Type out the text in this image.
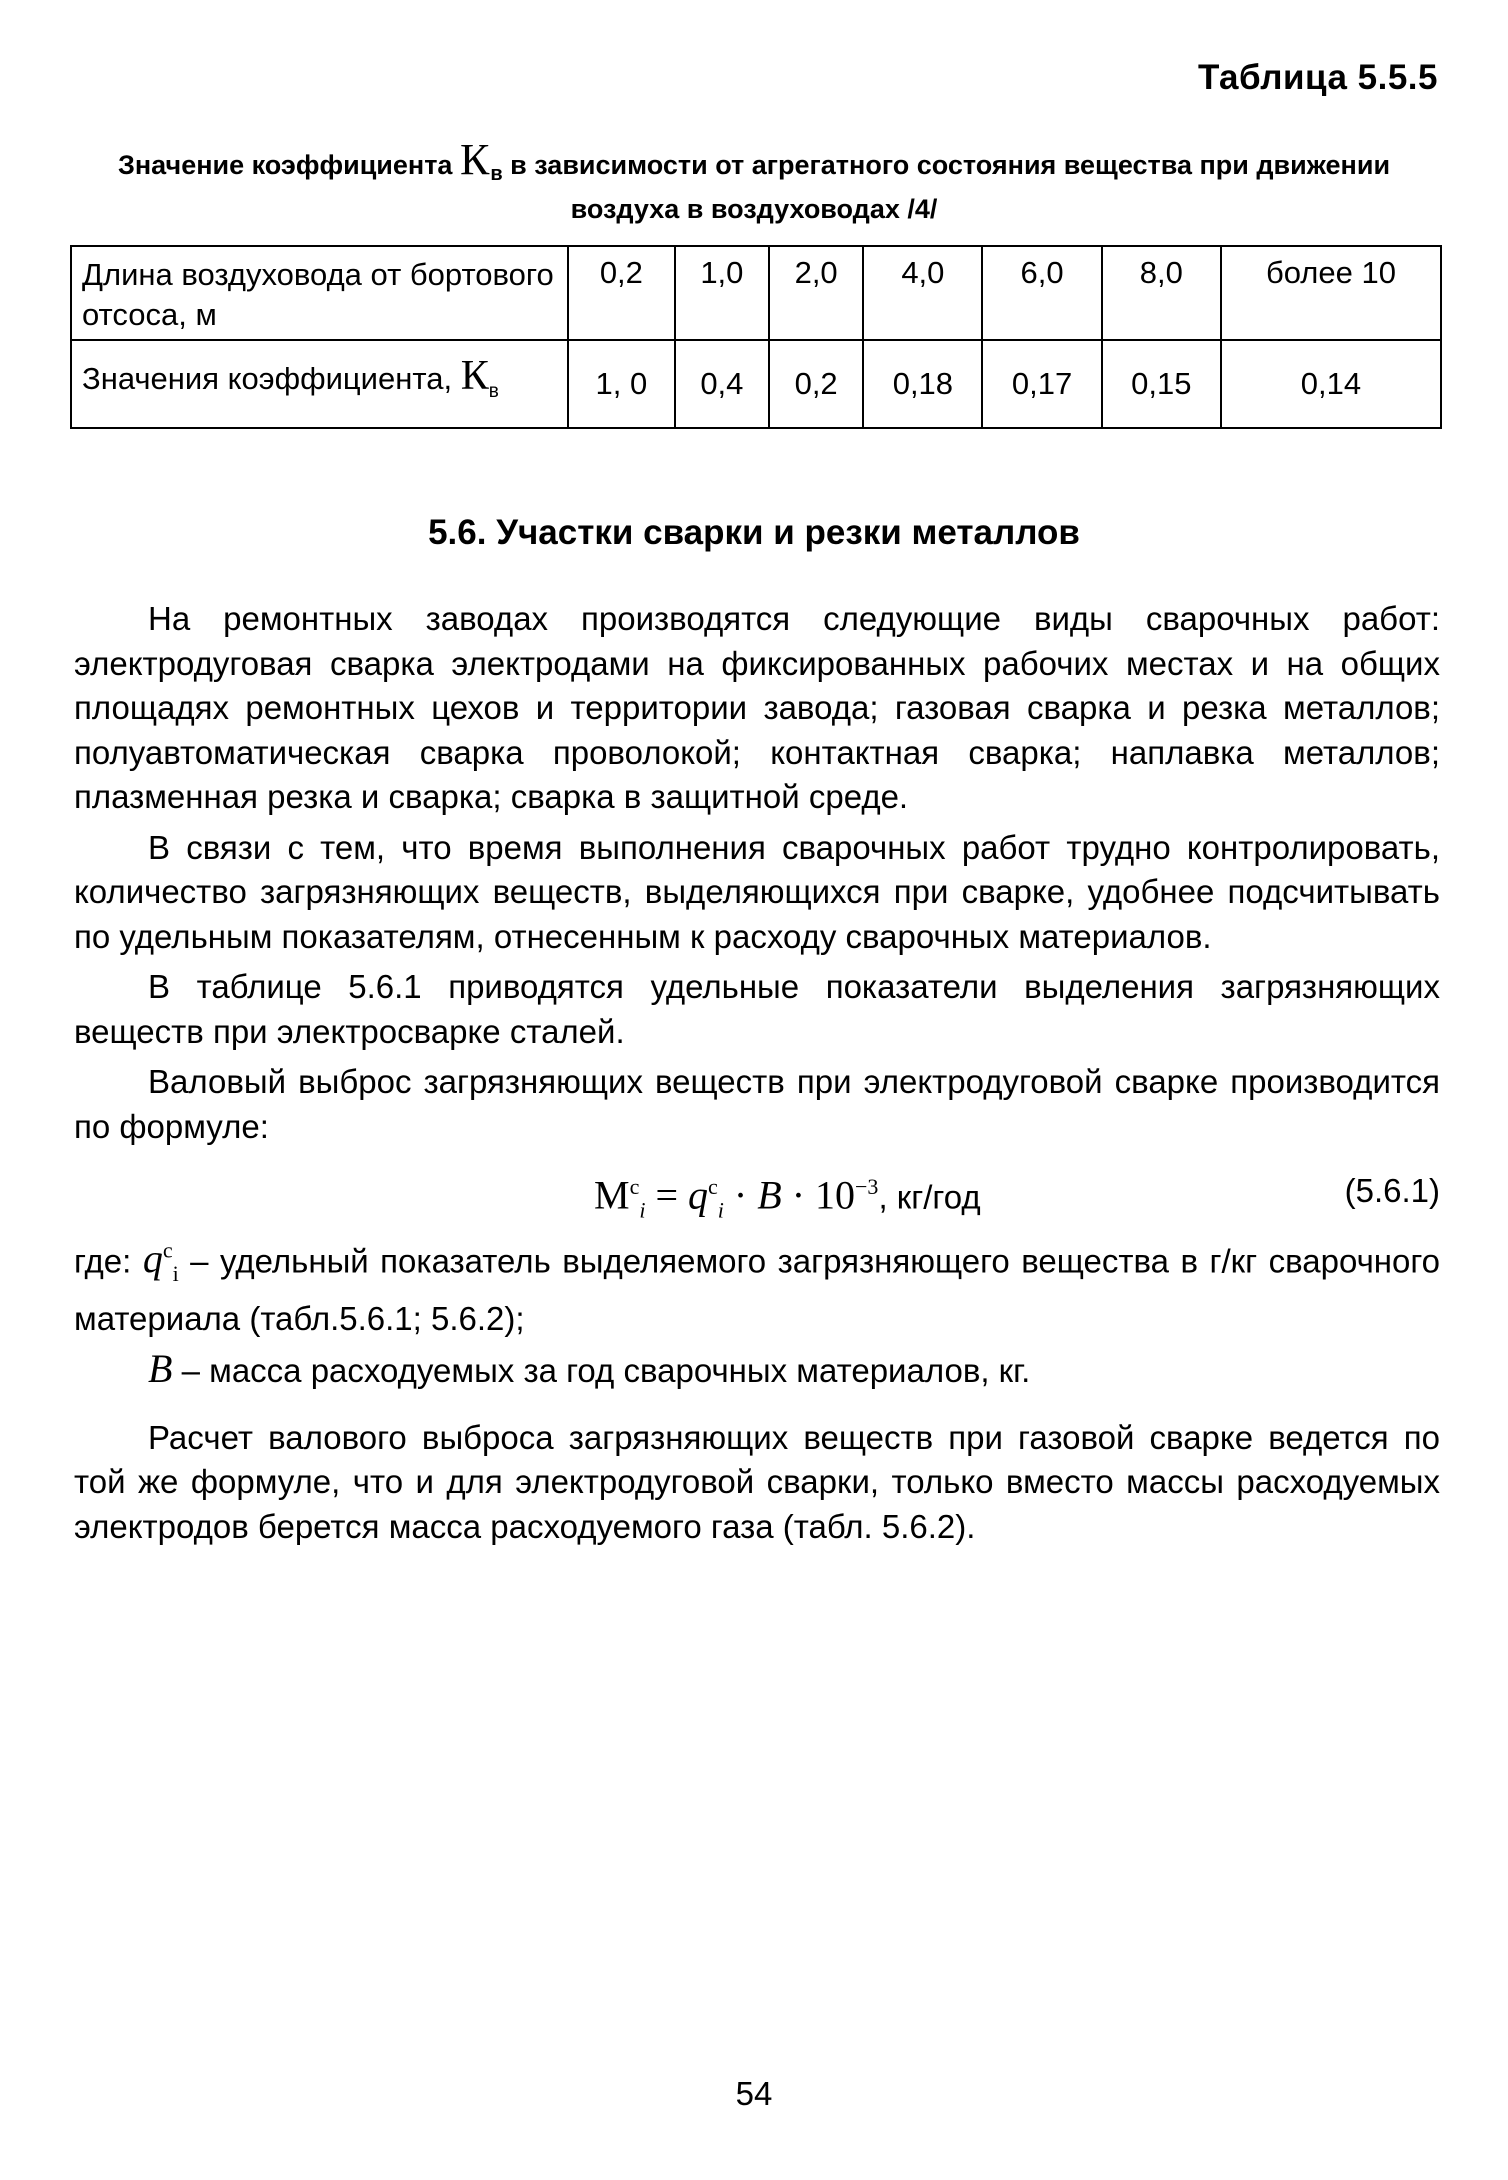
Таблица 5.5.5
Значение коэффициента $К_в$ в зависимости от агрегатного состояния вещества при движении воздуха в воздуховодах /4/
Длина воздуховода от бортового отсоса, м	0,2	1,0	2,0	4,0	6,0	8,0	более 10
Значения коэффициента, $К_в$	1, 0	0,4	0,2	0,18	0,17	0,15	0,14
5.6. Участки сварки и резки металлов

На ремонтных заводах производятся следующие виды сварочных работ: электродуговая сварка электродами на фиксированных рабочих местах и на общих площадях ремонтных цехов и территории завода; газовая сварка и резка металлов; полуавтоматическая сварка проволокой; контактная сварка; наплавка металлов; плазменная резка и сварка; сварка в защитной среде.

В связи с тем, что время выполнения сварочных работ трудно контролировать, количество загрязняющих веществ, выделяющихся при сварке, удобнее подсчитывать по удельным показателям, отнесенным к расходу сварочных материалов.

В таблице 5.6.1 приводятся удельные показатели выделения загрязняющих веществ при электросварке сталей.

Валовый выброс загрязняющих веществ при электродуговой сварке производится по формуле:

$M^c_i = q^c_i \cdot B \cdot 10^{-3}$, кг/год	(5.6.1)

где: $q^c_i$ – удельный показатель выделяемого загрязняющего вещества в г/кг сварочного материала (табл.5.6.1; 5.6.2);

B – масса расходуемых за год сварочных материалов, кг.

Расчет валового выброса загрязняющих веществ при газовой сварке ведется по той же формуле, что и для электродуговой сварки, только вместо массы расходуемых электродов берется масса расходуемого газа (табл. 5.6.2).

54
